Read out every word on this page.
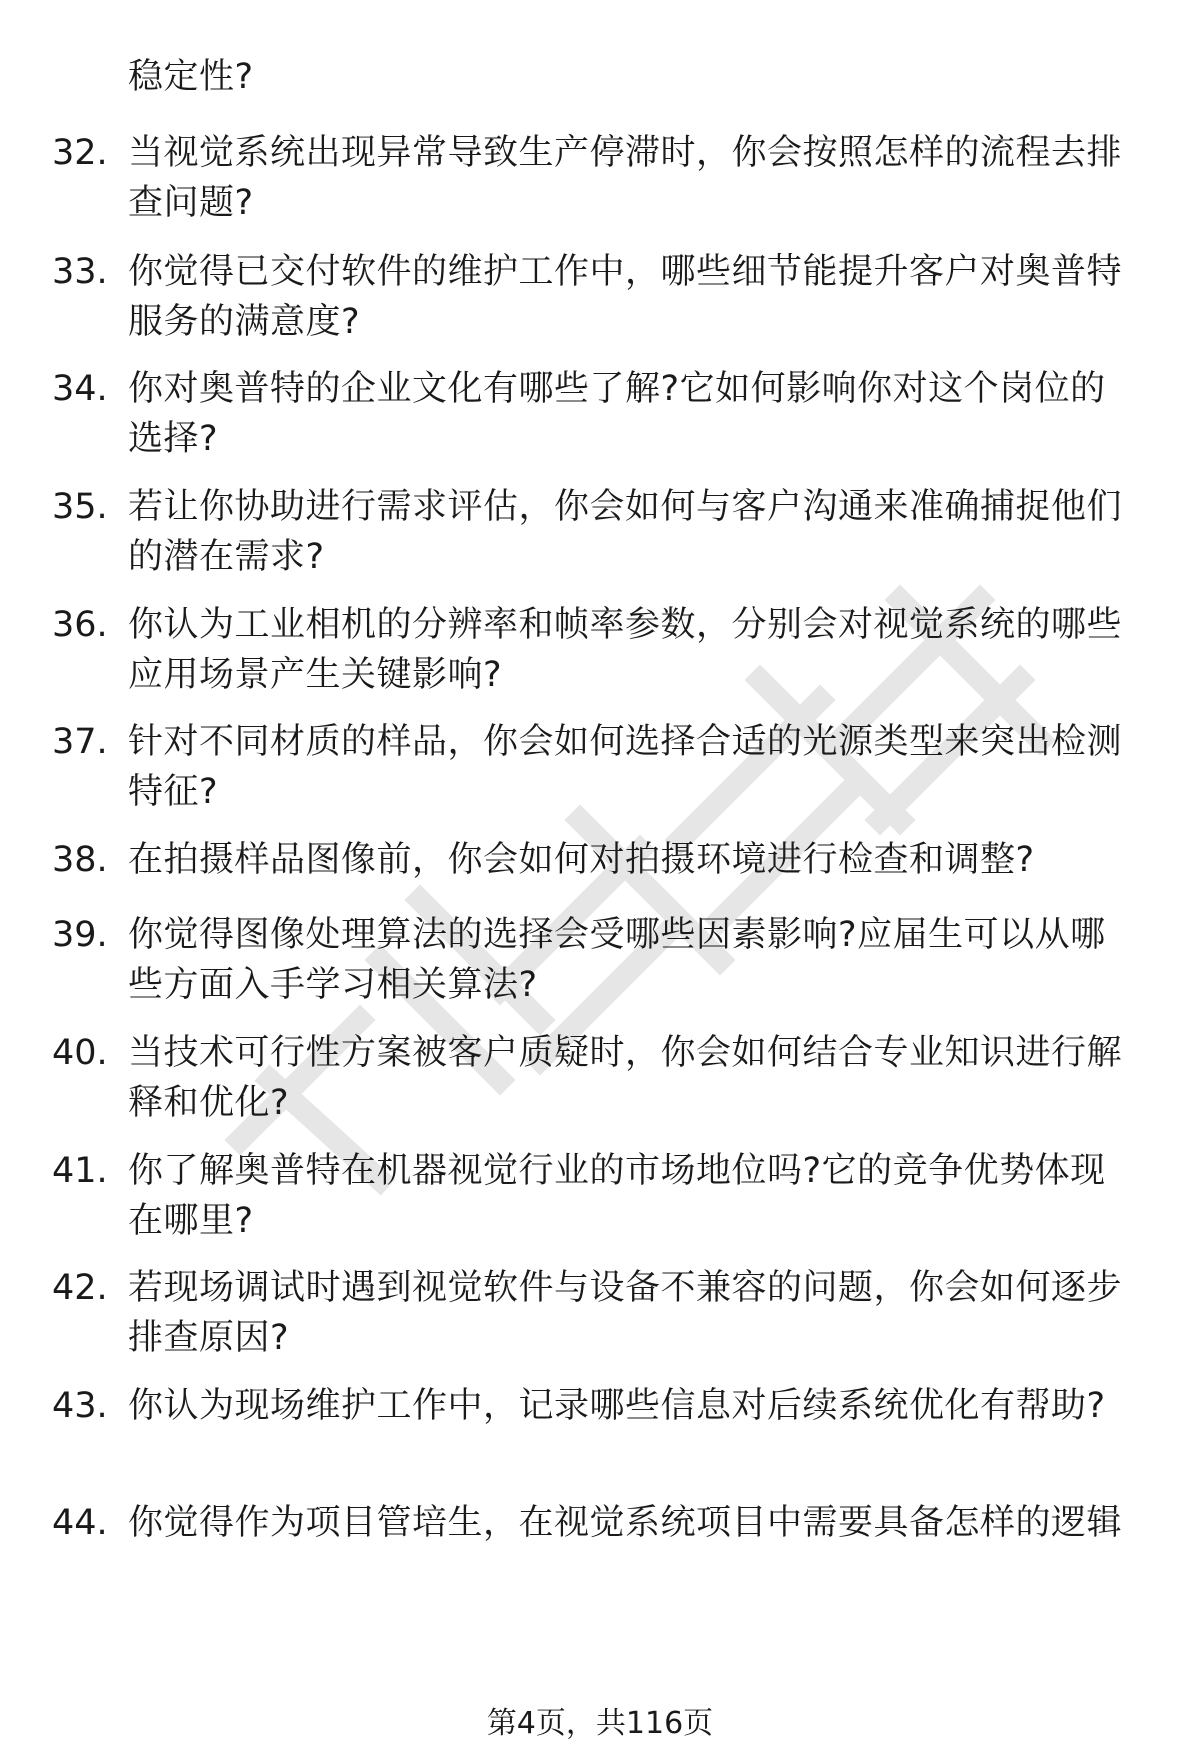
稳定性?
32. 当视觉系统出现异常导致生产停滞时，你会按照怎样的流程去排查问题?
33. 你觉得已交付软件的维护工作中，哪些细节能提升客户对奥普特服务的满意度?
34. 你对奥普特的企业文化有哪些了解?它如何影响你对这个岗位的选择?
35. 若让你协助进行需求评估，你会如何与客户沟通来准确捕捉他们的潜在需求?
36. 你认为工业相机的分辨率和帧率参数，分别会对视觉系统的哪些应用场景产生关键影响?
37. 针对不同材质的样品，你会如何选择合适的光源类型来突出检测特征?
38. 在拍摄样品图像前，你会如何对拍摄环境进行检查和调整?
39. 你觉得图像处理算法的选择会受哪些因素影响?应届生可以从哪些方面入手学习相关算法?
40. 当技术可行性方案被客户质疑时，你会如何结合专业知识进行解释和优化?
41. 你了解奥普特在机器视觉行业的市场地位吗?它的竞争优势体现在哪里?
42. 若现场调试时遇到视觉软件与设备不兼容的问题，你会如何逐步排查原因?
43. 你认为现场维护工作中，记录哪些信息对后续系统优化有帮助?
44. 你觉得作为项目管培生，在视觉系统项目中需要具备怎样的逻辑
第4页，共116页
